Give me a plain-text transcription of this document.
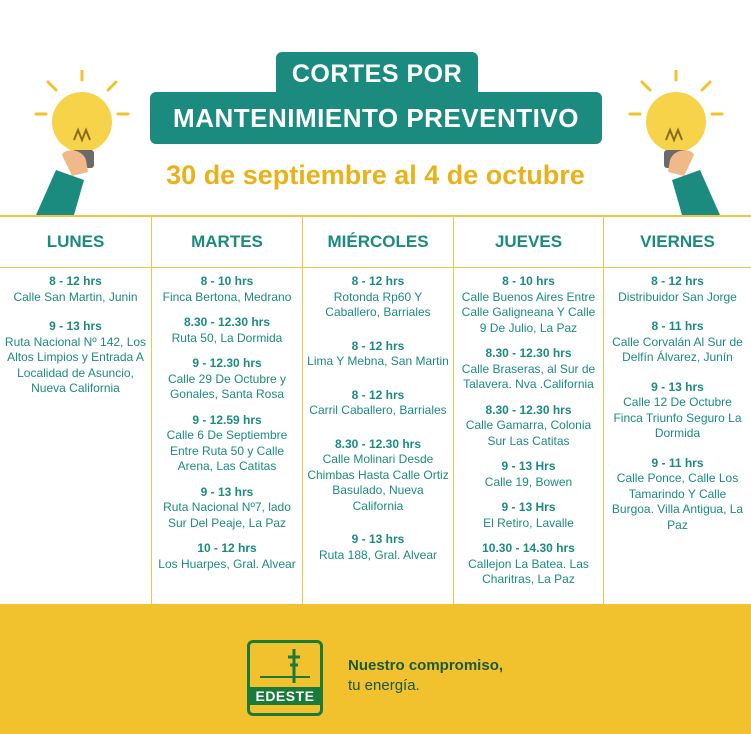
CORTES POR
MANTENIMIENTO PREVENTIVO
30 de septiembre al 4 de octubre
LUNES
8 - 12 hrs
Calle San Martin, Junin
9 - 13 hrs
Ruta Nacional Nº 142, Los Altos Limpios y Entrada A Localidad de Asuncio, Nueva California
MARTES
8 - 10 hrs
Finca Bertona, Medrano
8.30 - 12.30 hrs
Ruta 50, La Dormida
9 - 12.30 hrs
Calle 29 De Octubre y Gonales, Santa Rosa
9 - 12.59 hrs
Calle 6 De Septiembre Entre Ruta 50 y Calle Arena, Las Catitas
9 - 13 hrs
Ruta Nacional Nº7, lado Sur Del Peaje, La Paz
10 - 12 hrs
Los Huarpes, Gral. Alvear
MIÉRCOLES
8 - 12 hrs
Rotonda Rp60 Y Caballero, Barriales
8 - 12 hrs
Lima Y Mebna, San Martin
8 - 12 hrs
Carril Caballero, Barriales
8.30 - 12.30 hrs
Calle Molinari Desde Chimbas Hasta Calle Ortiz Basulado, Nueva California
9 - 13 hrs
Ruta 188, Gral. Alvear
JUEVES
8 - 10 hrs
Calle Buenos Aires Entre Calle Galigneana Y Calle 9 De Julio, La Paz
8.30 - 12.30 hrs
Calle Braseras, al Sur de Talavera. Nva .California
8.30 - 12.30 hrs
Calle Gamarra, Colonia Sur Las Catitas
9 - 13 Hrs
Calle 19, Bowen
9 - 13 Hrs
El Retiro, Lavalle
10.30 - 14.30 hrs
Callejon La Batea. Las Charitras, La Paz
VIERNES
8 - 12 hrs
Distribuidor San Jorge
8 - 11 hrs
Calle Corvalán Al Sur de Delfín Álvarez, Junín
9 - 13 hrs
Calle 12 De Octubre Finca Triunfo Seguro La Dormida
9 - 11 hrs
Calle Ponce, Calle Los Tamarindo Y Calle Burgoa. Villa Antigua, La Paz
EDESTE
Nuestro compromiso,
tu energía.
